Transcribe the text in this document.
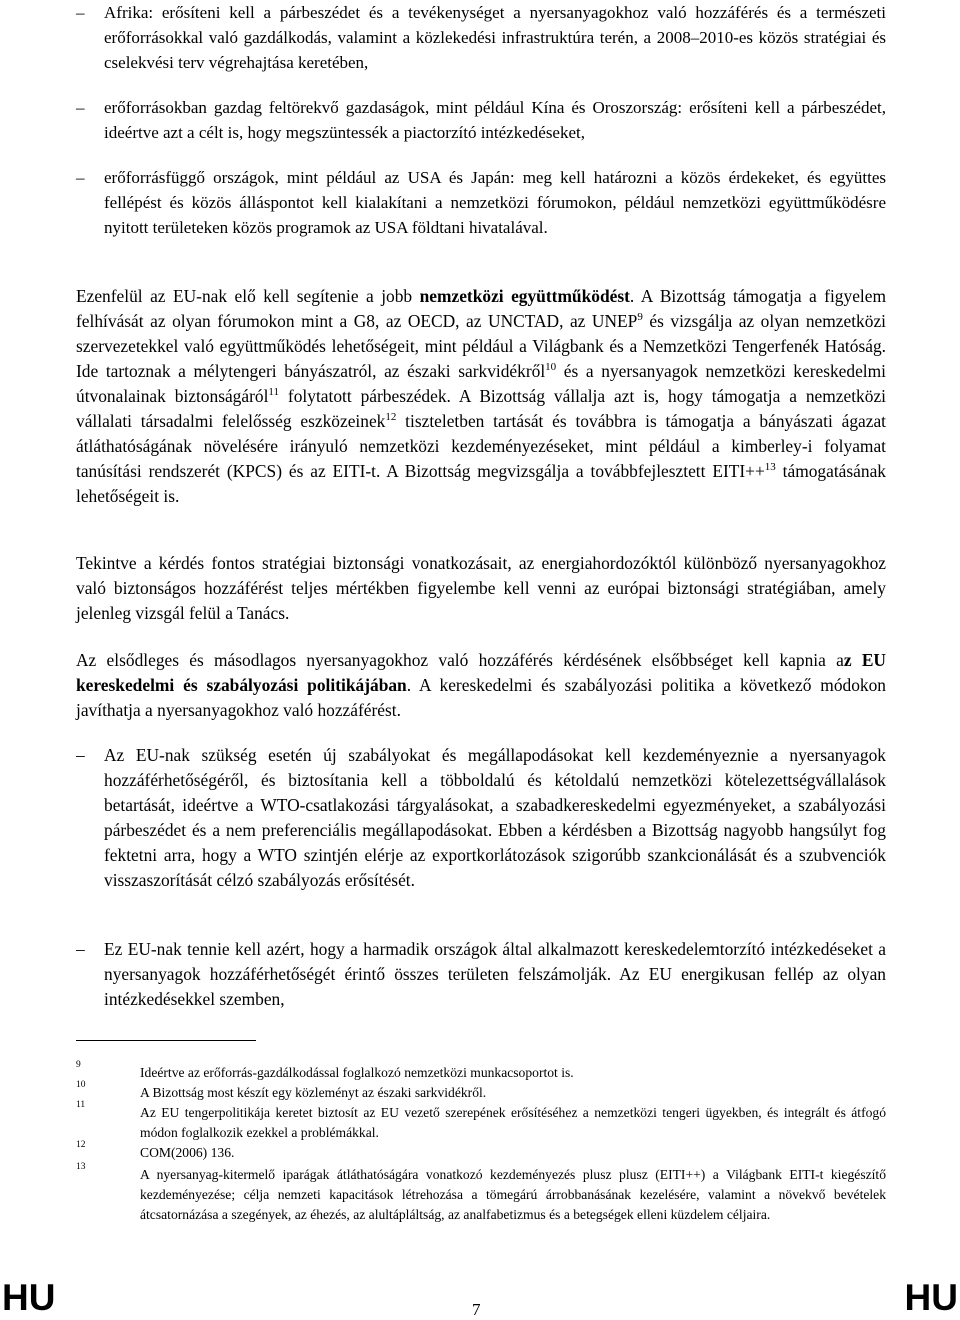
– Afrika: erősíteni kell a párbeszédet és a tevékenységet a nyersanyagokhoz való hozzáférés és a természeti erőforrásokkal való gazdálkodás, valamint a közlekedési infrastruktúra terén, a 2008–2010-es közös stratégiai és cselekvési terv végrehajtása keretében,
– erőforrásokban gazdag feltörekvő gazdaságok, mint például Kína és Oroszország: erősíteni kell a párbeszédet, ideértve azt a célt is, hogy megszüntessék a piactorzító intézkedéseket,
– erőforrásfüggő országok, mint például az USA és Japán: meg kell határozni a közös érdekeket, és együttes fellépést és közös álláspontot kell kialakítani a nemzetközi fórumokon, például nemzetközi együttműködésre nyitott területeken közös programok az USA földtani hivatalával.
Ezenfelül az EU-nak elő kell segítenie a jobb nemzetközi együttműködést. A Bizottság támogatja a figyelem felhívását az olyan fórumokon mint a G8, az OECD, az UNCTAD, az UNEP$^9$ és vizsgálja az olyan nemzetközi szervezetekkel való együttműködés lehetőségeit, mint például a Világbank és a Nemzetközi Tengerfenék Hatóság. Ide tartoznak a mélytengeri bányászatról, az északi sarkvidékről$^{10}$ és a nyersanyagok nemzetközi kereskedelmi útvonalainak biztonságáról$^{11}$ folytatott párbeszédek. A Bizottság vállalja azt is, hogy támogatja a nemzetközi vállalati társadalmi felelősség eszközeinek$^{12}$ tiszteletben tartását és továbbra is támogatja a bányászati ágazat átláthatóságának növelésére irányuló nemzetközi kezdeményezéseket, mint például a kimberley-i folyamat tanúsítási rendszerét (KPCS) és az EITI-t. A Bizottság megvizsgálja a továbbfejlesztett EITI++$^{13}$ támogatásának lehetőségeit is.
Tekintve a kérdés fontos stratégiai biztonsági vonatkozásait, az energiahordozóktól különböző nyersanyagokhoz való biztonságos hozzáférést teljes mértékben figyelembe kell venni az európai biztonsági stratégiában, amely jelenleg vizsgál felül a Tanács.
Az elsődleges és másodlagos nyersanyagokhoz való hozzáférés kérdésének elsőbbséget kell kapnia az EU kereskedelmi és szabályozási politikájában. A kereskedelmi és szabályozási politika a következő módokon javíthatja a nyersanyagokhoz való hozzáférést.
– Az EU-nak szükség esetén új szabályokat és megállapodásokat kell kezdeményeznie a nyersanyagok hozzáférhetőségéről, és biztosítania kell a többoldalú és kétoldalú nemzetközi kötelezettségvállalások betartását, ideértve a WTO-csatlakozási tárgyalásokat, a szabadkereskedelmi egyezményeket, a szabályozási párbeszédet és a nem preferenciális megállapodásokat. Ebben a kérdésben a Bizottság nagyobb hangsúlyt fog fektetni arra, hogy a WTO szintjén elérje az exportkorlátozások szigorúbb szankcionálását és a szubvenciók visszaszorítását célzó szabályozás erősítését.
– Ez EU-nak tennie kell azért, hogy a harmadik országok által alkalmazott kereskedelemtorzító intézkedéseket a nyersanyagok hozzáférhetőségét érintő összes területen felszámolják. Az EU energikusan fellép az olyan intézkedésekkel szemben,
9	Ideértve az erőforrás-gazdálkodással foglalkozó nemzetközi munkacsoportot is.
10	A Bizottság most készít egy közleményt az északi sarkvidékről.
11	Az EU tengerpolitikája keretet biztosít az EU vezető szerepének erősítéséhez a nemzetközi tengeri ügyekben, és integrált és átfogó módon foglalkozik ezekkel a problémákkal.
12	COM(2006) 136.
13	A nyersanyag-kitermelő iparágak átláthatóságára vonatkozó kezdeményezés plusz plusz (EITI++) a Világbank EITI-t kiegészítő kezdeményezése; célja nemzeti kapacitások létrehozása a tömegárú árrobbanásának kezelésére, valamint a növekvő bevételek átcsatornázása a szegények, az éhezés, az alultápláltság, az analfabetizmus és a betegségek elleni küzdelem céljaira.
HU	7	HU
